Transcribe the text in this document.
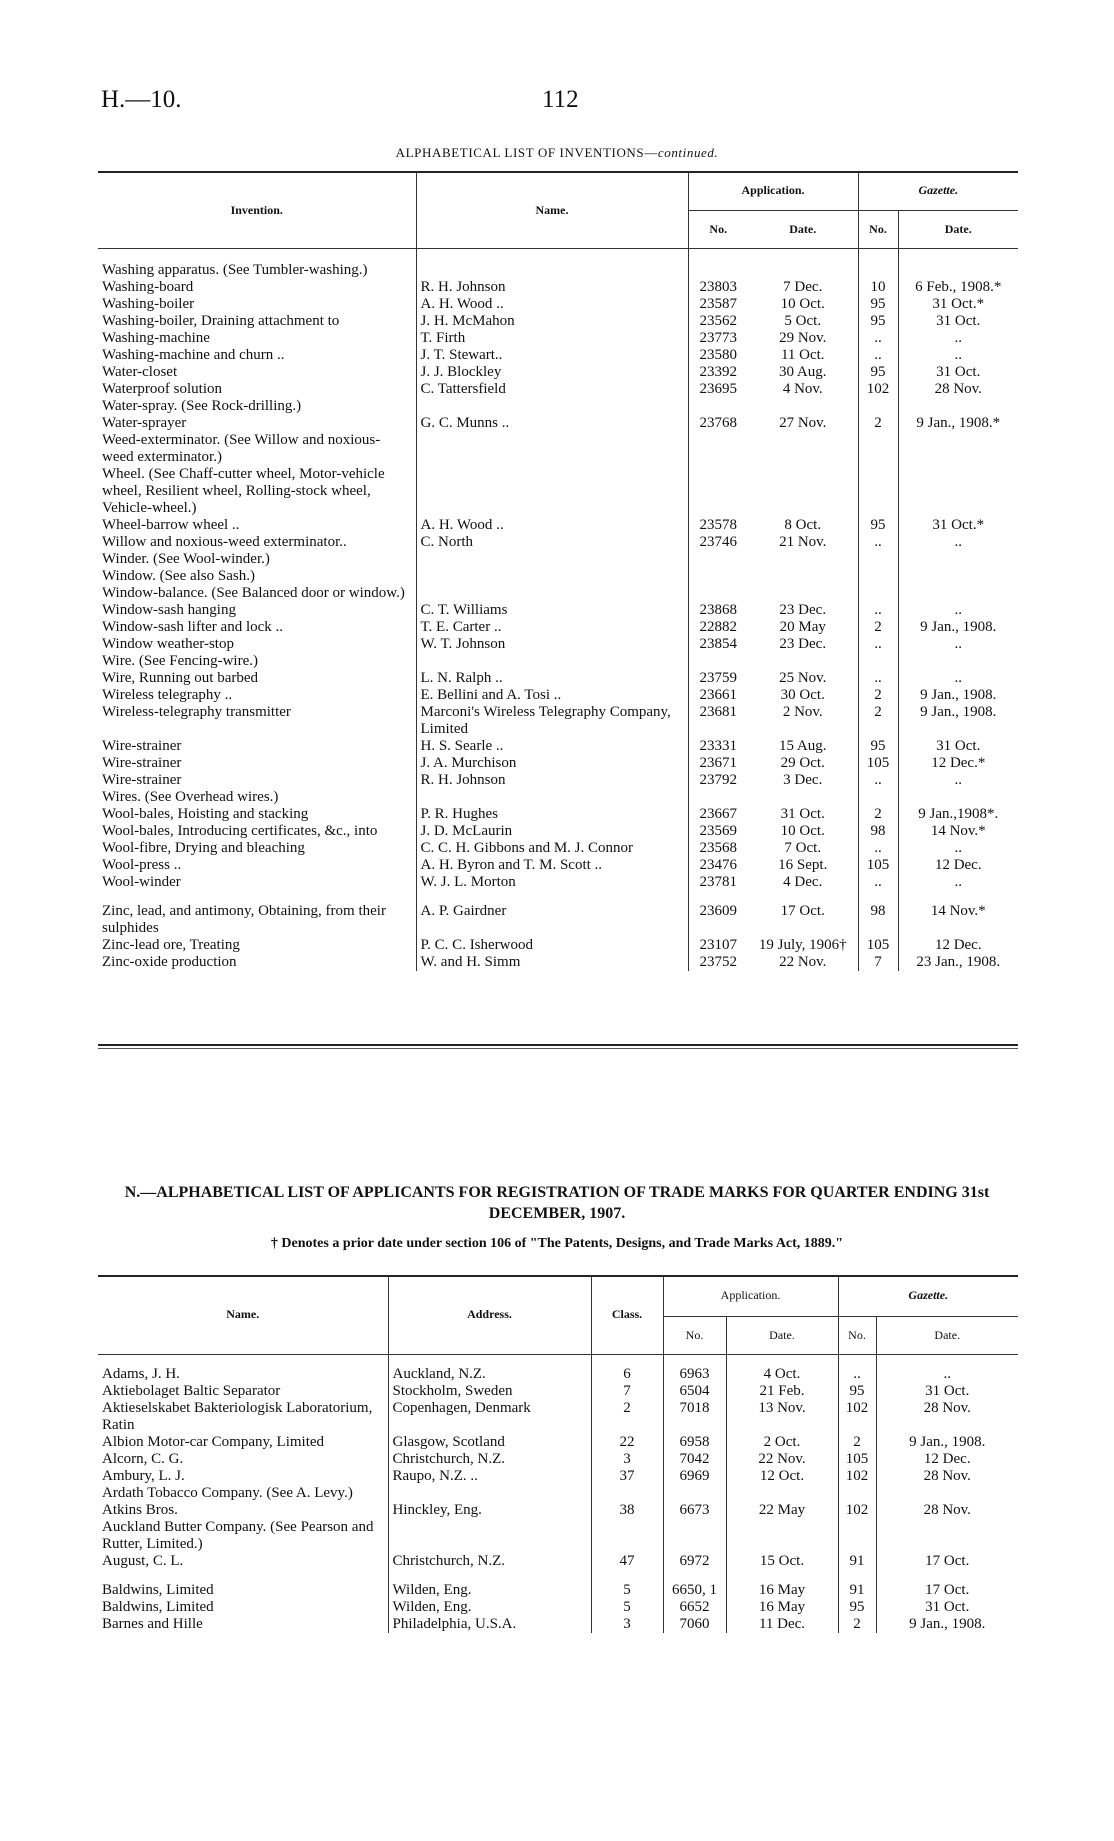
H.—10.	112
ALPHABETICAL LIST OF INVENTIONS—continued.
Invention.	Name.	Application.		Gazette.	
		No.	Date.	No.	Date.

Washing apparatus. (See Tumbler-washing.)					
Washing-board	R. H. Johnson	23803	7 Dec.	10	6 Feb., 1908.*
Washing-boiler	A. H. Wood ..	23587	10 Oct.	95	31 Oct.*
Washing-boiler, Draining attachment to	J. H. McMahon	23562	5 Oct.	95	31 Oct.
Washing-machine	T. Firth	23773	29 Nov.	..	..
Washing-machine and churn ..	J. T. Stewart..	23580	11 Oct.	..	..
Water-closet	J. J. Blockley	23392	30 Aug.	95	31 Oct.
Waterproof solution	C. Tattersfield	23695	4 Nov.	102	28 Nov.
Water-spray. (See Rock-drilling.)					
Water-sprayer	G. C. Munns ..	23768	27 Nov.	2	9 Jan., 1908.*
Weed-exterminator. (See Willow and noxious-weed exterminator.)					
Wheel. (See Chaff-cutter wheel, Motor-vehicle wheel, Resilient wheel, Rolling-stock wheel, Vehicle-wheel.)					
Wheel-barrow wheel ..	A. H. Wood ..	23578	8 Oct.	95	31 Oct.*
Willow and noxious-weed exterminator..	C. North	23746	21 Nov.	..	..
Winder. (See Wool-winder.)					
Window. (See also Sash.)					
Window-balance. (See Balanced door or window.)					
Window-sash hanging	C. T. Williams	23868	23 Dec.	..	..
Window-sash lifter and lock ..	T. E. Carter ..	22882	20 May	2	9 Jan., 1908.
Window weather-stop	W. T. Johnson	23854	23 Dec.	..	..
Wire. (See Fencing-wire.)					
Wire, Running out barbed	L. N. Ralph ..	23759	25 Nov.	..	..
Wireless telegraphy ..	E. Bellini and A. Tosi ..	23661	30 Oct.	2	9 Jan., 1908.
Wireless-telegraphy transmitter	Marconi's Wireless Telegraphy Company, Limited	23681	2 Nov.	2	9 Jan., 1908.
Wire-strainer	H. S. Searle ..	23331	15 Aug.	95	31 Oct.
Wire-strainer	J. A. Murchison	23671	29 Oct.	105	12 Dec.*
Wire-strainer	R. H. Johnson	23792	3 Dec.	..	..
Wires. (See Overhead wires.)					
Wool-bales, Hoisting and stacking	P. R. Hughes	23667	31 Oct.	2	9 Jan.,1908*.
Wool-bales, Introducing certificates, &c., into	J. D. McLaurin	23569	10 Oct.	98	14 Nov.*
Wool-fibre, Drying and bleaching	C. C. H. Gibbons and M. J. Connor	23568	7 Oct.	..	..
Wool-press ..	A. H. Byron and T. M. Scott ..	23476	16 Sept.	105	12 Dec.
Wool-winder	W. J. L. Morton	23781	4 Dec.	..	..

Zinc, lead, and antimony, Obtaining, from their sulphides	A. P. Gairdner	23609	17 Oct.	98	14 Nov.*
Zinc-lead ore, Treating	P. C. C. Isherwood	23107	19 July, 1906†	105	12 Dec.
Zinc-oxide production	W. and H. Simm	23752	22 Nov.	7	23 Jan., 1908.
N.—ALPHABETICAL LIST OF APPLICANTS FOR REGISTRATION OF TRADE MARKS FOR QUARTER ENDING 31st DECEMBER, 1907.
† Denotes a prior date under section 106 of "The Patents, Designs, and Trade Marks Act, 1889."
Name.	Address.	Class.	Application.		Gazette.	
			No.	Date.	No.	Date.

Adams, J. H.	Auckland, N.Z.	6	6963	4 Oct.	..	..
Aktiebolaget Baltic Separator	Stockholm, Sweden	7	6504	21 Feb.	95	31 Oct.
Aktieselskabet Bakteriologisk Laboratorium, Ratin	Copenhagen, Denmark	2	7018	13 Nov.	102	28 Nov.
Albion Motor-car Company, Limited	Glasgow, Scotland	22	6958	2 Oct.	2	9 Jan., 1908.
Alcorn, C. G.	Christchurch, N.Z.	3	7042	22 Nov.	105	12 Dec.
Ambury, L. J.	Raupo, N.Z. ..	37	6969	12 Oct.	102	28 Nov.
Ardath Tobacco Company. (See A. Levy.)						
Atkins Bros.	Hinckley, Eng.	38	6673	22 May	102	28 Nov.
Auckland Butter Company. (See Pearson and Rutter, Limited.)						
August, C. L.	Christchurch, N.Z.	47	6972	15 Oct.	91	17 Oct.

Baldwins, Limited	Wilden, Eng.	5	6650, 1	16 May	91	17 Oct.
Baldwins, Limited	Wilden, Eng.	5	6652	16 May	95	31 Oct.
Barnes and Hille	Philadelphia, U.S.A.	3	7060	11 Dec.	2	9 Jan., 1908.
